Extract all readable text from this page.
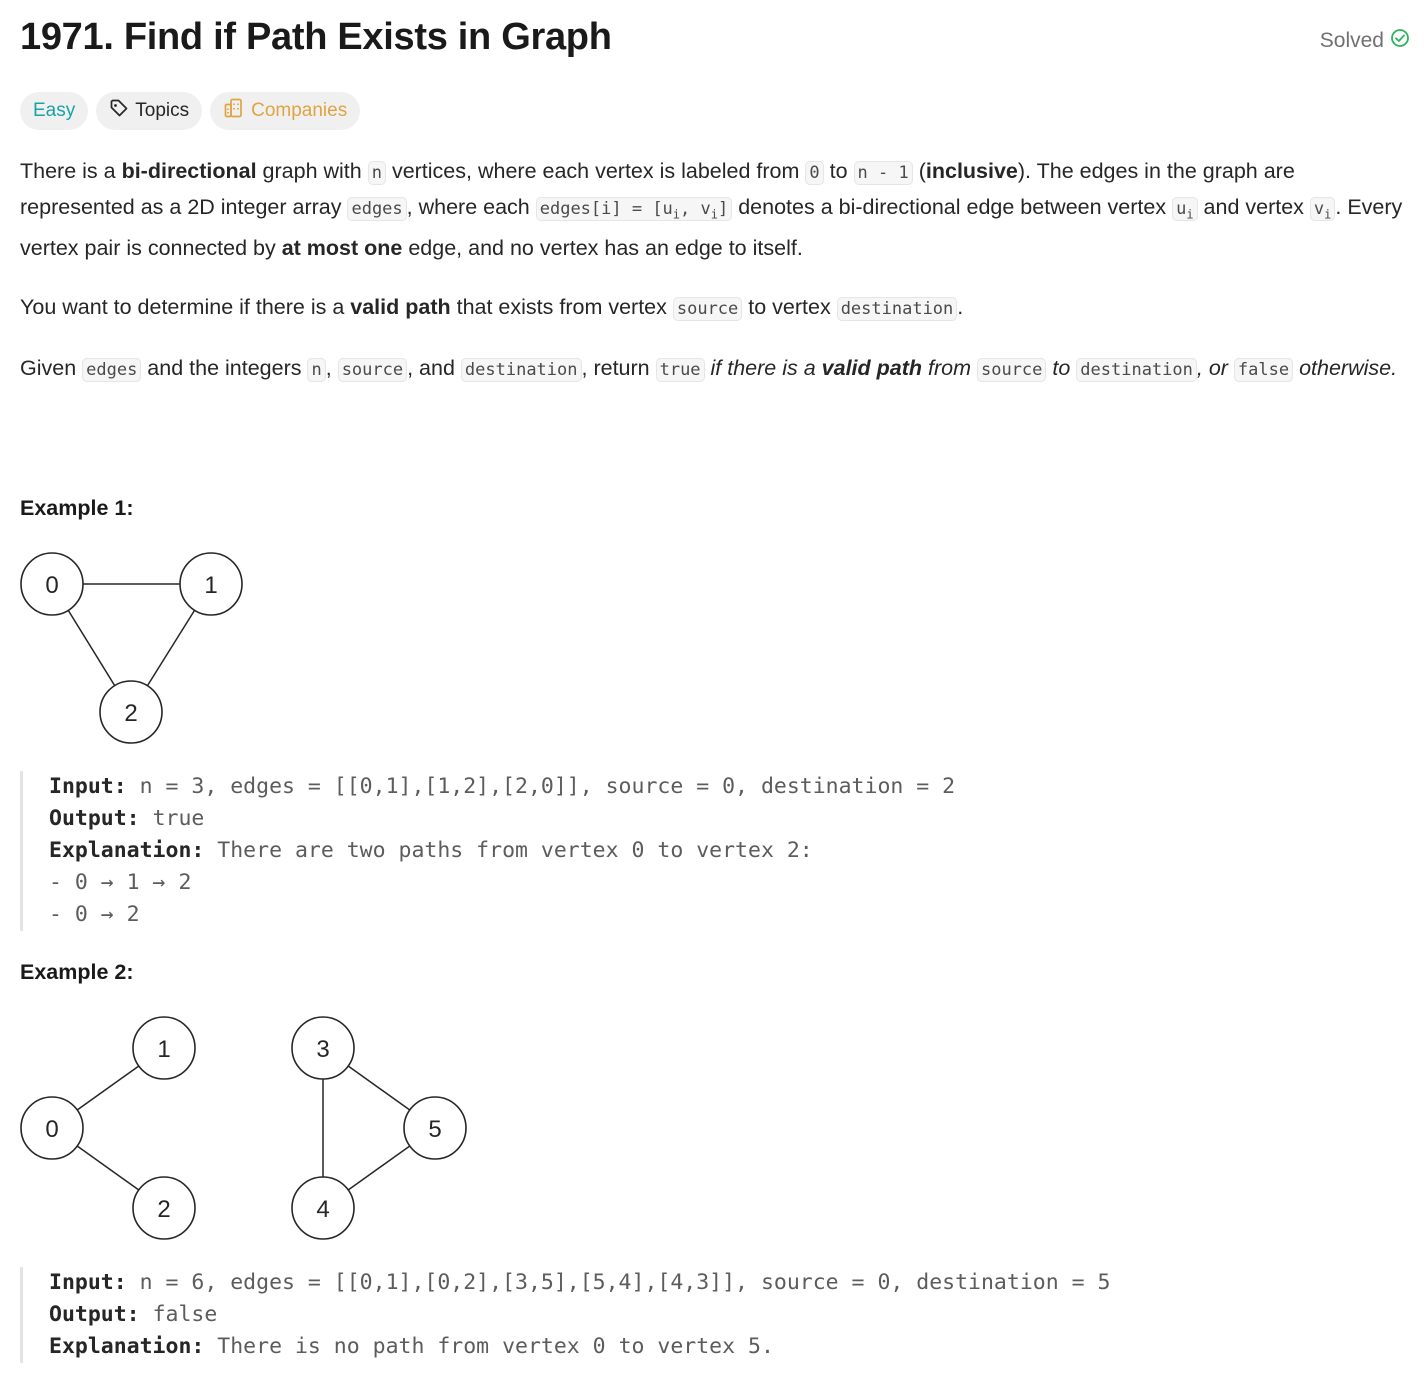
1971. Find if Path Exists in Graph	Solved
Easy	Topics	Companies

There is a bi-directional graph with n vertices, where each vertex is labeled from 0 to n - 1 (inclusive). The edges in the graph are represented as a 2D integer array edges , where each edges[i] = [$u_i$, $v_i$] denotes a bi-directional edge between vertex $u_i$ and vertex $v_i$ . Every vertex pair is connected by at most one edge, and no vertex has an edge to itself.

You want to determine if there is a valid path that exists from vertex source to vertex destination .

Given edges and the integers n , source , and destination , return true if there is a valid path from source to destination , or false otherwise.

Example 1:
0	1
2
Input: n = 3, edges = [[0,1],[1,2],[2,0]], source = 0, destination = 2
Output: true
Explanation: There are two paths from vertex 0 to vertex 2:
- 0 → 1 → 2
- 0 → 2
Example 2:
0
1
2
3
4
5
Input: n = 6, edges = [[0,1],[0,2],[3,5],[5,4],[4,3]], source = 0, destination = 5
Output: false
Explanation: There is no path from vertex 0 to vertex 5.
